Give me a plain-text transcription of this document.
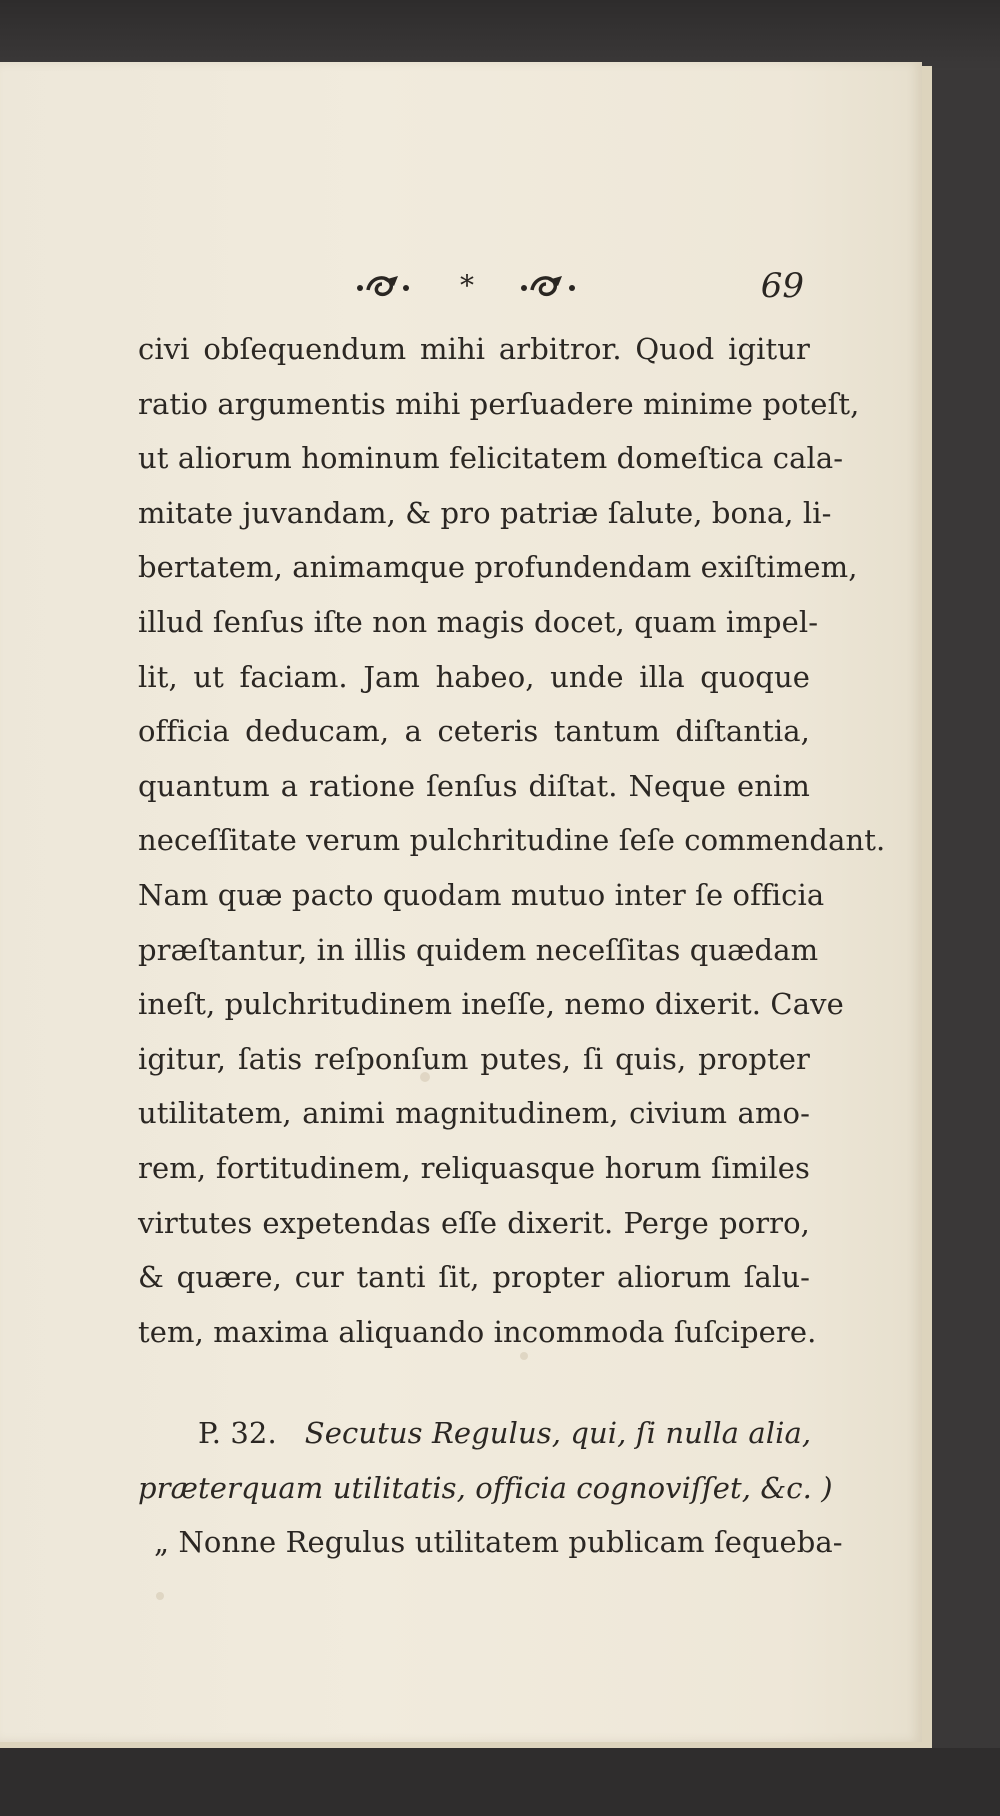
*	69
civi obſequendum mihi arbitror. Quod igitur
ratio argumentis mihi perſuadere minime poteſt,
ut aliorum hominum felicitatem domeſtica cala-
mitate juvandam, & pro patriæ ſalute, bona, li-
bertatem, animamque profundendam exiſtimem,
illud ſenſus iſte non magis docet, quam impel-
lit, ut faciam. Jam habeo, unde illa quoque
officia deducam, a ceteris tantum diſtantia,
quantum a ratione ſenſus diſtat. Neque enim
neceſſitate verum pulchritudine ſeſe commendant.
Nam quæ pacto quodam mutuo inter ſe officia
præſtantur, in illis quidem neceſſitas quædam
ineſt, pulchritudinem ineſſe, nemo dixerit. Cave
igitur, ſatis reſponſum putes, ſi quis, propter
utilitatem, animi magnitudinem, civium amo-
rem, fortitudinem, reliquasque horum ſimiles
virtutes expetendas eſſe dixerit. Perge porro,
& quære, cur tanti ſit, propter aliorum ſalu-
tem, maxima aliquando incommoda ſuſcipere.
P. 32. Secutus Regulus, qui, ſi nulla alia,
præterquam utilitatis, officia cognoviſſet, &c. )
„ Nonne Regulus utilitatem publicam ſequeba-
